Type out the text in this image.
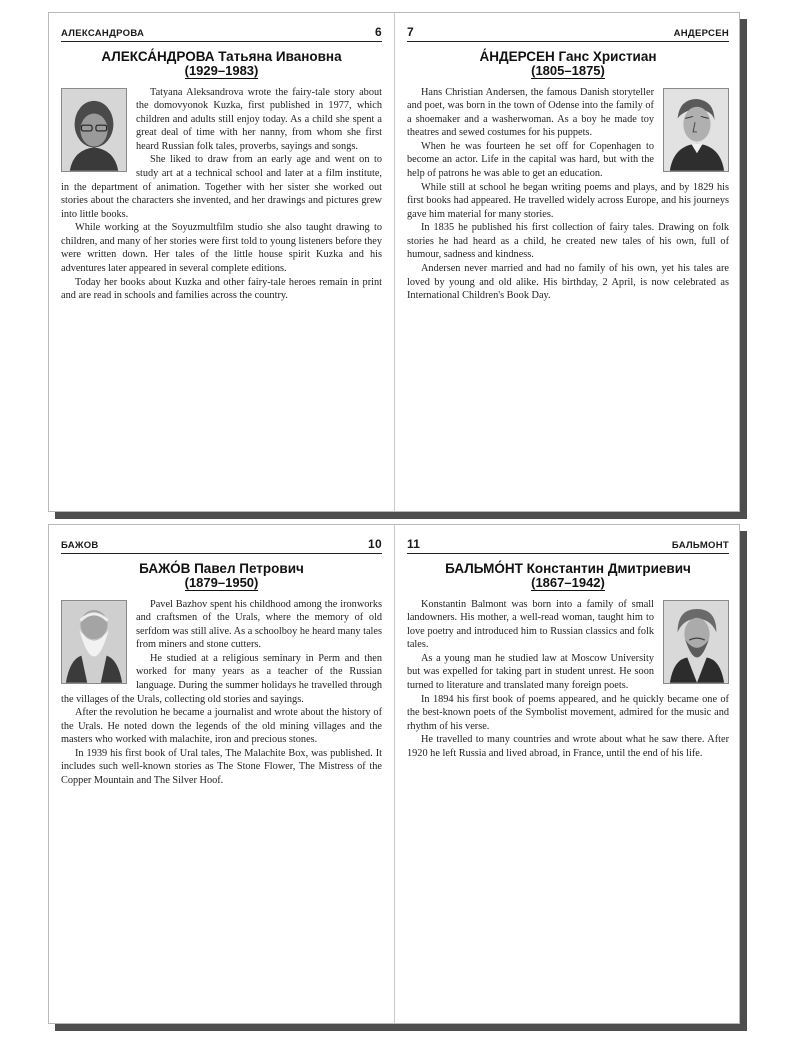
АЛЕКСАНДРОВА	6
АЛЕКСА́НДРОВА Татьяна Ивановна
(1929–1983)

Tatyana Aleksandrova wrote the fairy-tale story about the domovyonok Kuzka, first published in 1977, which children and adults still enjoy today. As a child she spent a great deal of time with her nanny, from whom she first heard Russian folk tales, proverbs, sayings and songs.

She liked to draw from an early age and went on to study art at a technical school and later at a film institute, in the department of animation. Together with her sister she worked out stories about the characters she invented, and her drawings and pictures grew into little books.

While working at the Soyuzmultfilm studio she also taught drawing to children, and many of her stories were first told to young listeners before they were written down. Her tales of the little house spirit Kuzka and his adventures later appeared in several complete editions.

Today her books about Kuzka and other fairy-tale heroes remain in print and are read in schools and families across the country.

7	АНДЕРСЕН
А́НДЕРСЕН Ганс Христиан
(1805–1875)

Hans Christian Andersen, the famous Danish storyteller and poet, was born in the town of Odense into the family of a shoemaker and a washerwoman. As a boy he made toy theatres and sewed costumes for his puppets.

When he was fourteen he set off for Copenhagen to become an actor. Life in the capital was hard, but with the help of patrons he was able to get an education.

While still at school he began writing poems and plays, and by 1829 his first books had appeared. He travelled widely across Europe, and his journeys gave him material for many stories.

In 1835 he published his first collection of fairy tales. Drawing on folk stories he had heard as a child, he created new tales of his own, full of humour, sadness and kindness.

Andersen never married and had no family of his own, yet his tales are loved by young and old alike. His birthday, 2 April, is now celebrated as International Children's Book Day.

БАЖОВ	10
БАЖО́В Павел Петрович
(1879–1950)

Pavel Bazhov spent his childhood among the ironworks and craftsmen of the Urals, where the memory of old serfdom was still alive. As a schoolboy he heard many tales from miners and stone cutters.

He studied at a religious seminary in Perm and then worked for many years as a teacher of the Russian language. During the summer holidays he travelled through the villages of the Urals, collecting old stories and sayings.

After the revolution he became a journalist and wrote about the history of the Urals. He noted down the legends of the old mining villages and the masters who worked with malachite, iron and precious stones.

In 1939 his first book of Ural tales, The Malachite Box, was published. It includes such well-known stories as The Stone Flower, The Mistress of the Copper Mountain and The Silver Hoof.

11	БАЛЬМОНТ
БАЛЬМО́НТ Константин Дмитриевич
(1867–1942)

Konstantin Balmont was born into a family of small landowners. His mother, a well-read woman, taught him to love poetry and introduced him to Russian classics and folk tales.

As a young man he studied law at Moscow University but was expelled for taking part in student unrest. He soon turned to literature and translated many foreign poets.

In 1894 his first book of poems appeared, and he quickly became one of the best-known poets of the Symbolist movement, admired for the music and rhythm of his verse.

He travelled to many countries and wrote about what he saw there. After 1920 he left Russia and lived abroad, in France, until the end of his life.
